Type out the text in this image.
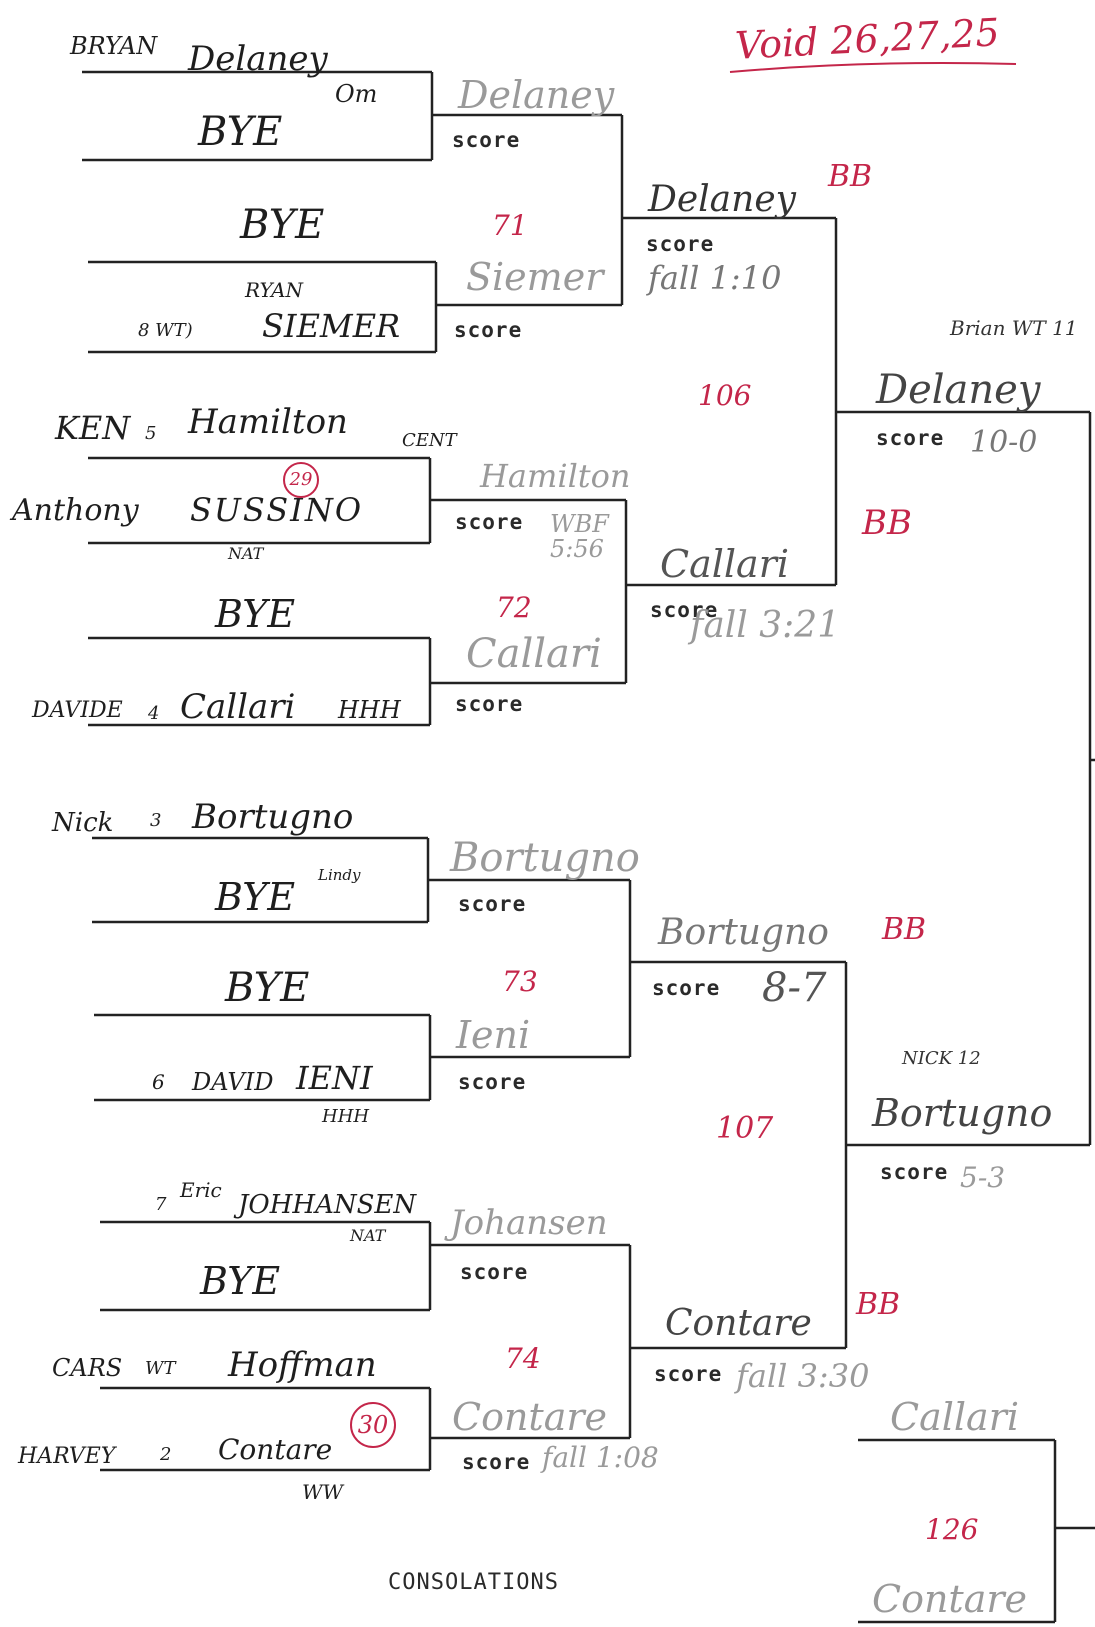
Void 26,27,25
BRYAN Delaney
Om
BYE
BYE
8 WT)
RYAN
SIEMER
KEN 5 Hamilton	CENT
Anthony SUSSINO
NAT
29
BYE
DAVIDE 4 Callari HHH
Nick 3 Bortugno
BYE Lindy
BYE
6 DAVID IENI
HHH
7
Eric JOHHANSEN
NAT
BYE
CARS WT Hoffman
HARVEY 2 Contare
WW
30
Delaney
score
71
Siemer
score
Hamilton
score WBF 5:56
72
Callari
score
Bortugno
score
73
Ieni
score
Johansen
score
74
Contare
score fall 1:08
Delaney
BB
score
fall 1:10
Callari
BB
score
fall 3:21
Bortugno BB
score 8-7
Contare BB
score fall 3:30
106
107
Brian WT 11
Delaney
score 10-0
NICK 12
Bortugno
score 5-3
CONSOLATIONS
Callari
126
Contare
